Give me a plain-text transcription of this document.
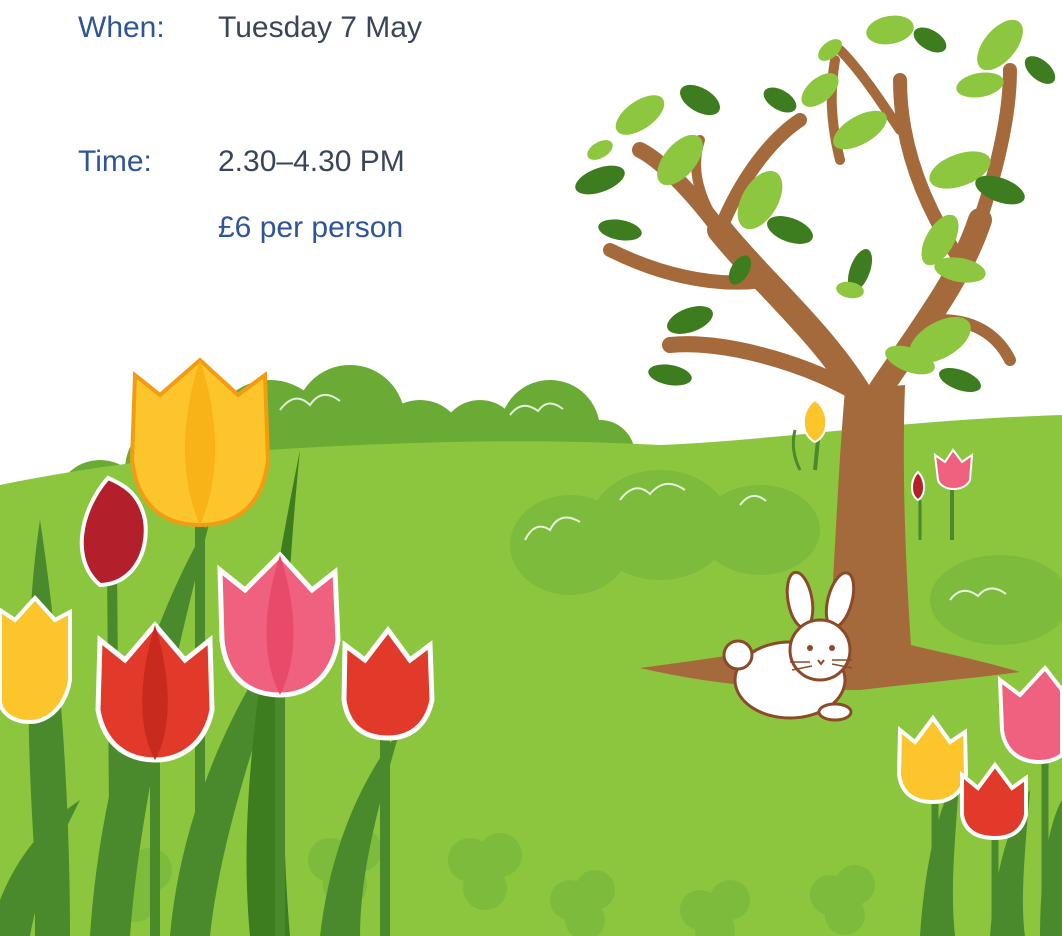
When: Tuesday 7 May
Time: 2.30–4.30 PM
£6 per person
